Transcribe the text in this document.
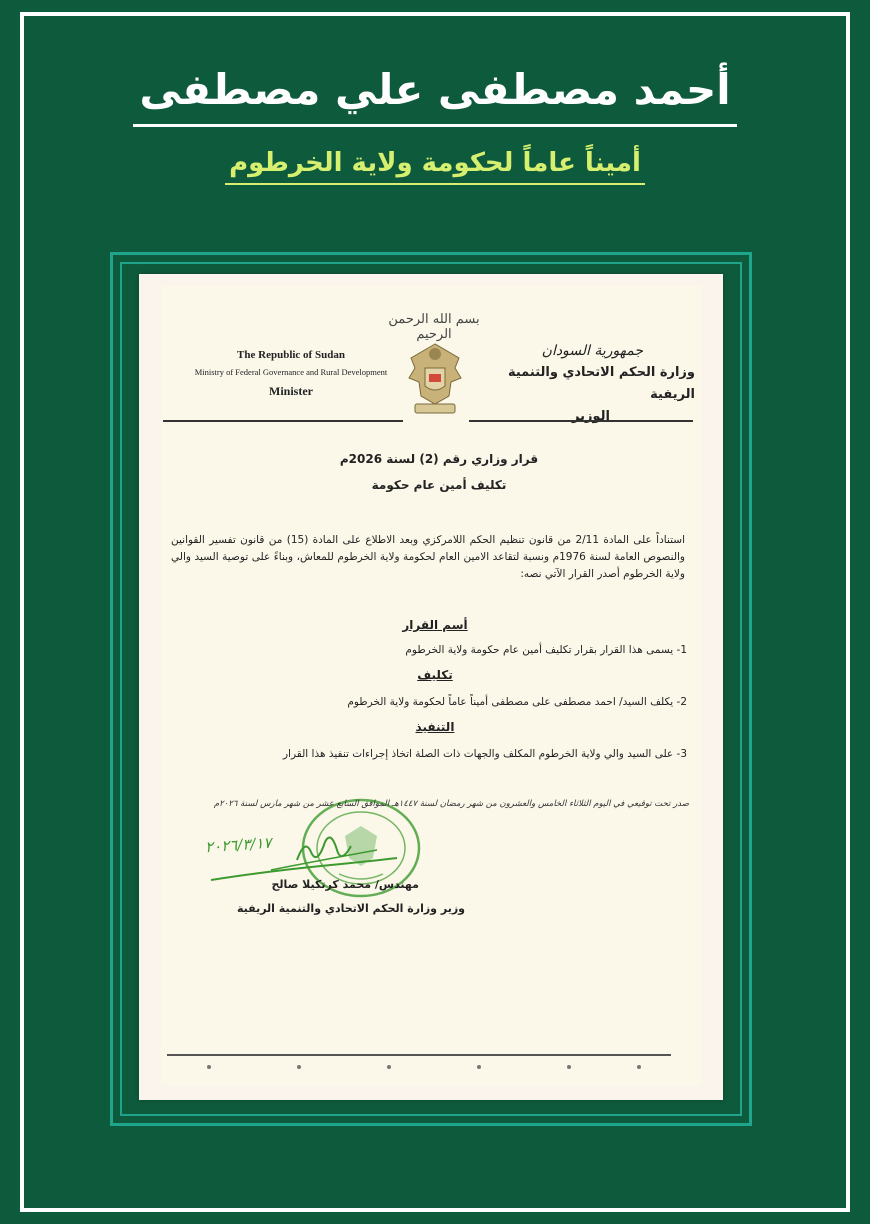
أحمد مصطفى علي مصطفى
أميناً عاماً لحكومة ولاية الخرطوم
بسم الله الرحمن الرحيم
The Republic of Sudan
Ministry of Federal Governance and Rural Development
Minister
جمهورية السودان
وزارة الحكم الاتحادي والتنمية الريفية
الوزير
قرار وزاري رقم (2) لسنة 2026م
تكليف أمين عام حكومة
استناداً على المادة 2/11 من قانون تنظيم الحكم اللامركزي وبعد الاطلاع على المادة (15) من قانون تفسير القوانين والنصوص العامة لسنة 1976م ونسبة لتقاعد الامين العام لحكومة ولاية الخرطوم للمعاش، وبناءً على توصية السيد والي ولاية الخرطوم أصدر القرار الآتي نصه:
أسم القرار
1- يسمى هذا القرار بقرار تكليف أمين عام حكومة ولاية الخرطوم
تكليف
2- يكلف السيد/ احمد مصطفى على مصطفى أميناً عاماً لحكومة ولاية الخرطوم
التنفيذ
3- على السيد والي ولاية الخرطوم المكلف والجهات ذات الصلة اتخاذ إجراءات تنفيذ هذا القرار
صدر تحت توقيعي في اليوم الثلاثاء الخامس والعشرون من شهر رمضان لسنة ١٤٤٧هـ الموافق السابع عشر من شهر مارس لسنة ٢٠٢٦م
٢٠٢٦/٣/١٧
مهندس/ محمد كرتكيلا صالح
وزير وزارة الحكم الاتحادي والتنمية الريفية
